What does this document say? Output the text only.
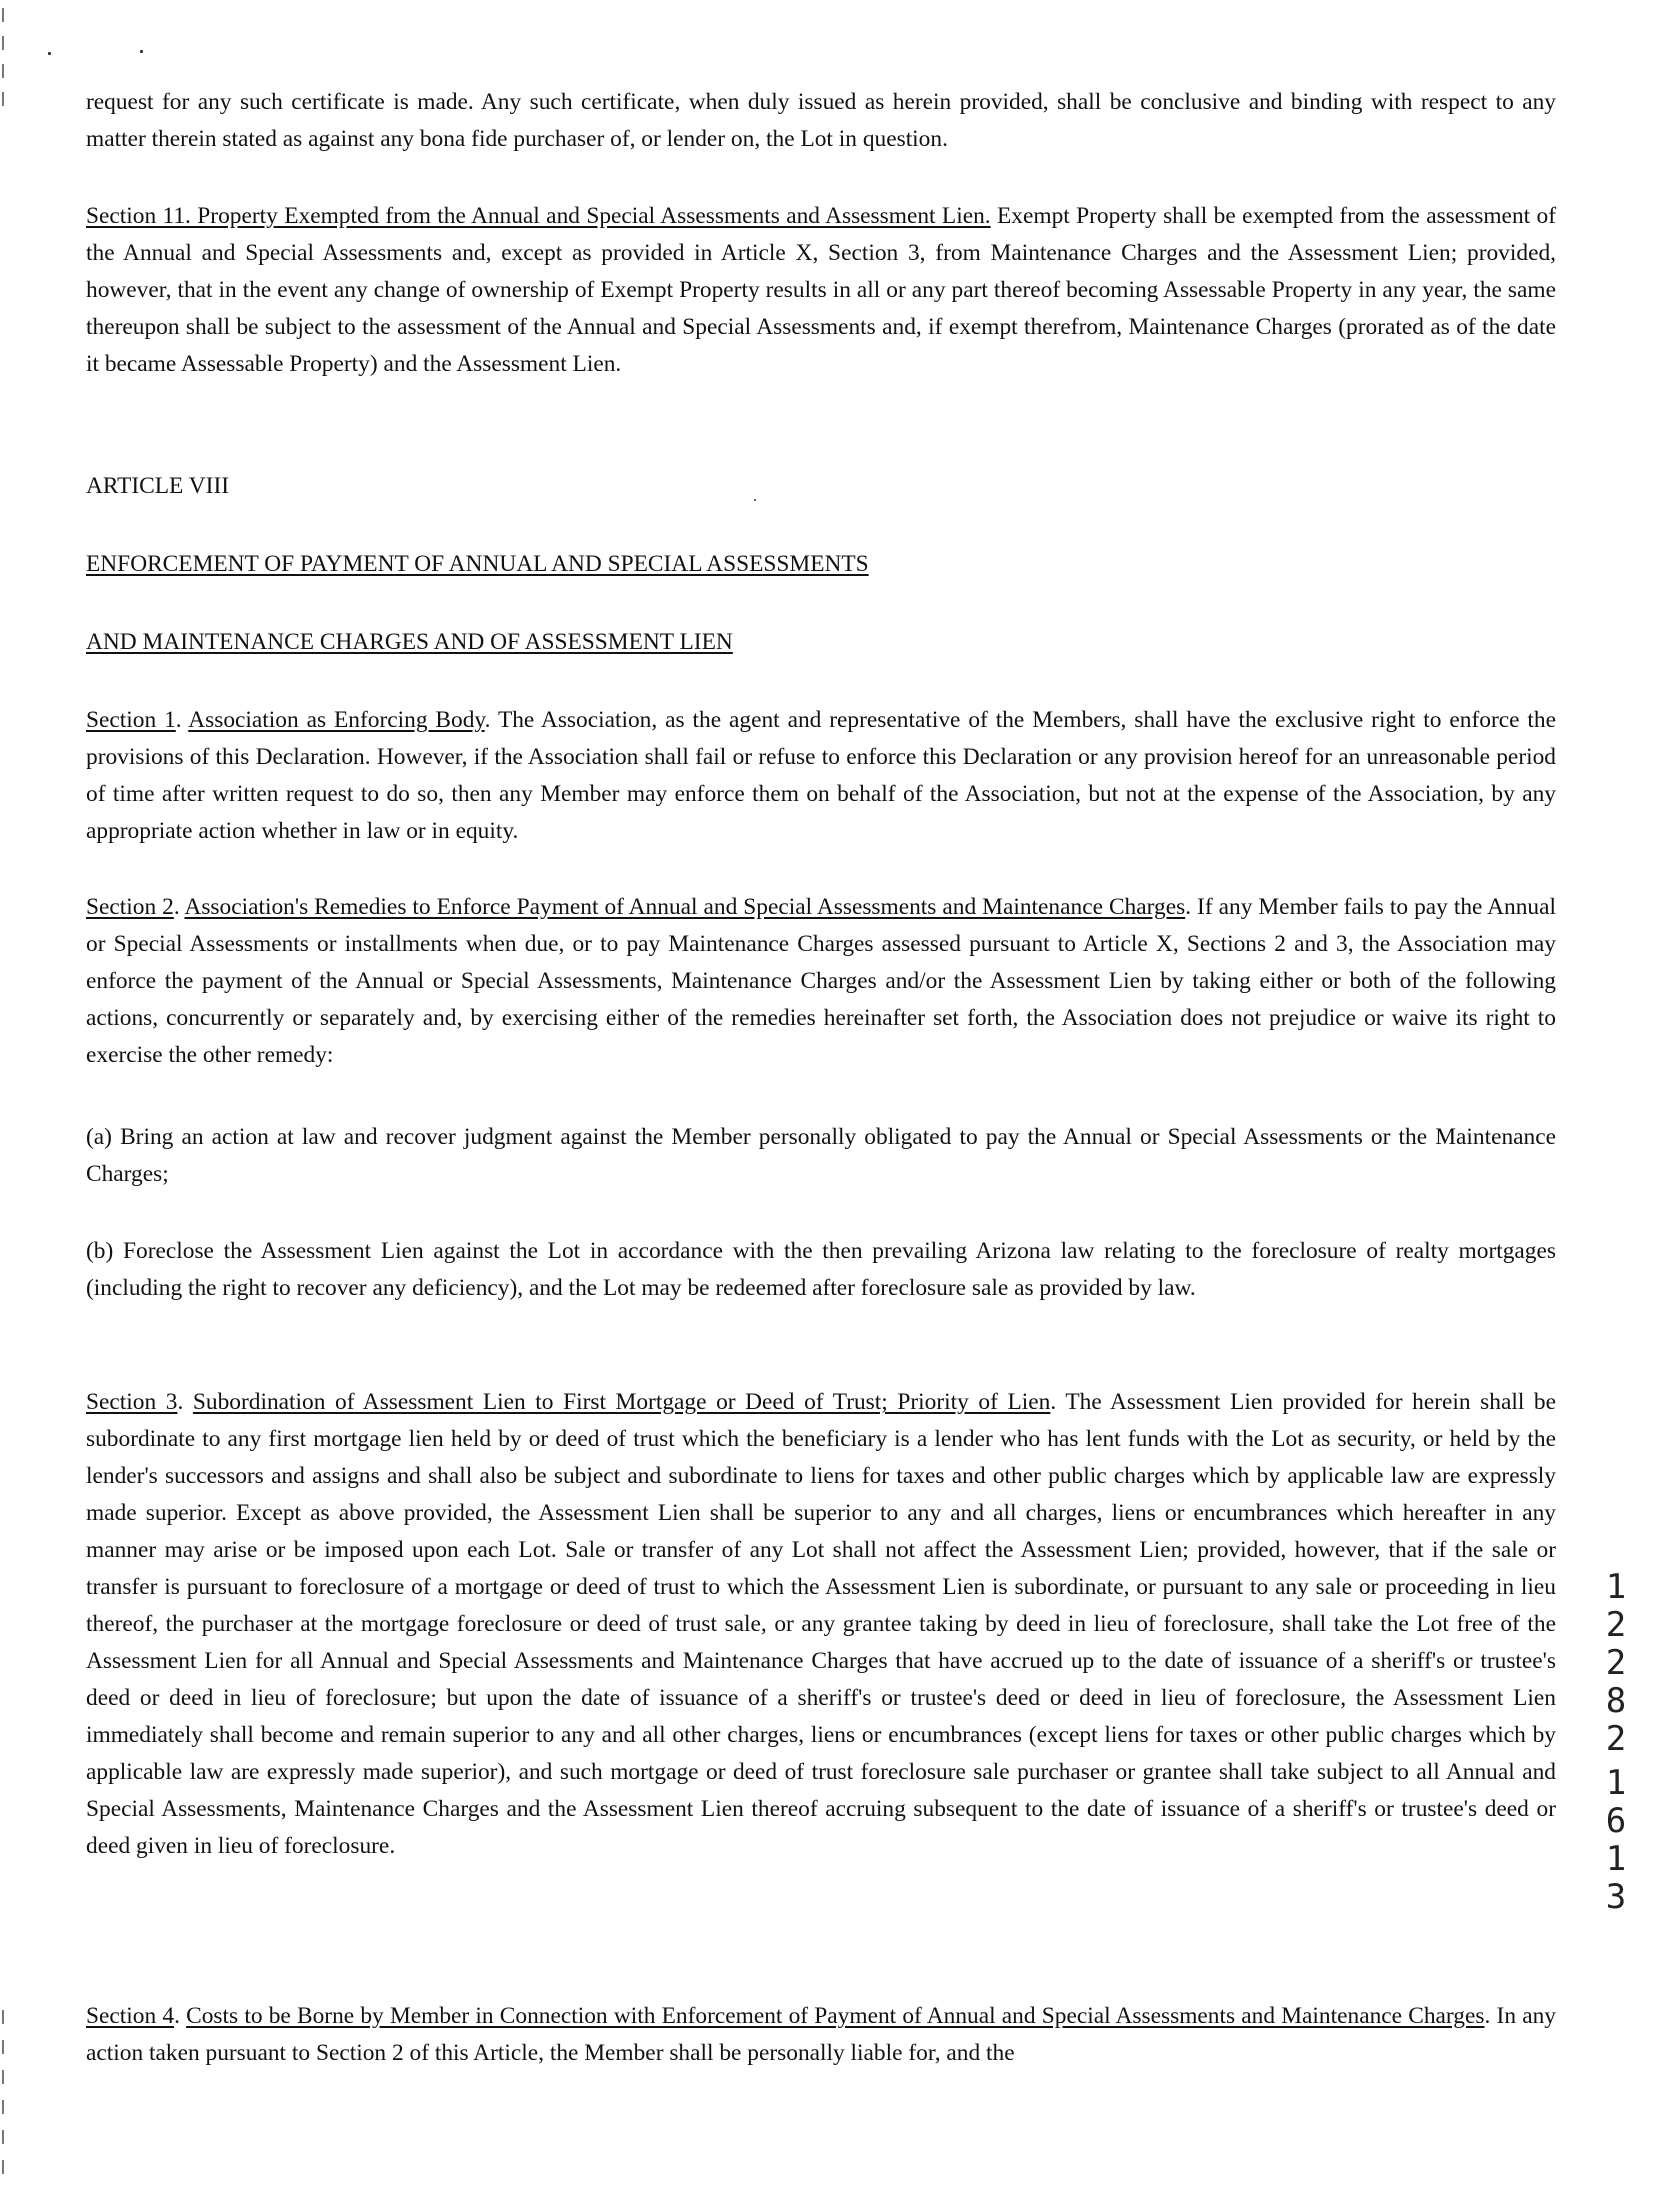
request for any such certificate is made. Any such certificate, when duly issued as herein provided, shall be conclusive and binding with respect to any matter therein stated as against any bona fide purchaser of, or lender on, the Lot in question.

Section 11. Property Exempted from the Annual and Special Assessments and Assessment Lien. Exempt Property shall be exempted from the assessment of the Annual and Special Assessments and, except as provided in Article X, Section 3, from Maintenance Charges and the Assessment Lien; provided, however, that in the event any change of ownership of Exempt Property results in all or any part thereof becoming Assessable Property in any year, the same thereupon shall be subject to the assessment of the Annual and Special Assessments and, if exempt therefrom, Maintenance Charges (prorated as of the date it became Assessable Property) and the Assessment Lien.

ARTICLE VIII

ENFORCEMENT OF PAYMENT OF ANNUAL AND SPECIAL ASSESSMENTS

AND MAINTENANCE CHARGES AND OF ASSESSMENT LIEN

Section 1. Association as Enforcing Body. The Association, as the agent and representative of the Members, shall have the exclusive right to enforce the provisions of this Declaration. However, if the Association shall fail or refuse to enforce this Declaration or any provision hereof for an unreasonable period of time after written request to do so, then any Member may enforce them on behalf of the Association, but not at the expense of the Association, by any appropriate action whether in law or in equity.

Section 2. Association's Remedies to Enforce Payment of Annual and Special Assessments and Maintenance Charges. If any Member fails to pay the Annual or Special Assessments or installments when due, or to pay Maintenance Charges assessed pursuant to Article X, Sections 2 and 3, the Association may enforce the payment of the Annual or Special Assessments, Maintenance Charges and/or the Assessment Lien by taking either or both of the following actions, concurrently or separately and, by exercising either of the remedies hereinafter set forth, the Association does not prejudice or waive its right to exercise the other remedy:

(a) Bring an action at law and recover judgment against the Member personally obligated to pay the Annual or Special Assessments or the Maintenance Charges;

(b) Foreclose the Assessment Lien against the Lot in accordance with the then prevailing Arizona law relating to the foreclosure of realty mortgages (including the right to recover any deficiency), and the Lot may be redeemed after foreclosure sale as provided by law.

Section 3. Subordination of Assessment Lien to First Mortgage or Deed of Trust; Priority of Lien. The Assessment Lien provided for herein shall be subordinate to any first mortgage lien held by or deed of trust which the beneficiary is a lender who has lent funds with the Lot as security, or held by the lender's successors and assigns and shall also be subject and subordinate to liens for taxes and other public charges which by applicable law are expressly made superior. Except as above provided, the Assessment Lien shall be superior to any and all charges, liens or encumbrances which hereafter in any manner may arise or be imposed upon each Lot. Sale or transfer of any Lot shall not affect the Assessment Lien; provided, however, that if the sale or transfer is pursuant to foreclosure of a mortgage or deed of trust to which the Assessment Lien is subordinate, or pursuant to any sale or proceeding in lieu thereof, the purchaser at the mortgage foreclosure or deed of trust sale, or any grantee taking by deed in lieu of foreclosure, shall take the Lot free of the Assessment Lien for all Annual and Special Assessments and Maintenance Charges that have accrued up to the date of issuance of a sheriff's or trustee's deed or deed in lieu of foreclosure; but upon the date of issuance of a sheriff's or trustee's deed or deed in lieu of foreclosure, the Assessment Lien immediately shall become and remain superior to any and all other charges, liens or encumbrances (except liens for taxes or other public charges which by applicable law are expressly made superior), and such mortgage or deed of trust foreclosure sale purchaser or grantee shall take subject to all Annual and Special Assessments, Maintenance Charges and the Assessment Lien thereof accruing subsequent to the date of issuance of a sheriff's or trustee's deed or deed given in lieu of foreclosure.

Section 4. Costs to be Borne by Member in Connection with Enforcement of Payment of Annual and Special Assessments and Maintenance Charges. In any action taken pursuant to Section 2 of this Article, the Member shall be personally liable for, and the

1
2
2
8
2
1
6
1
3
